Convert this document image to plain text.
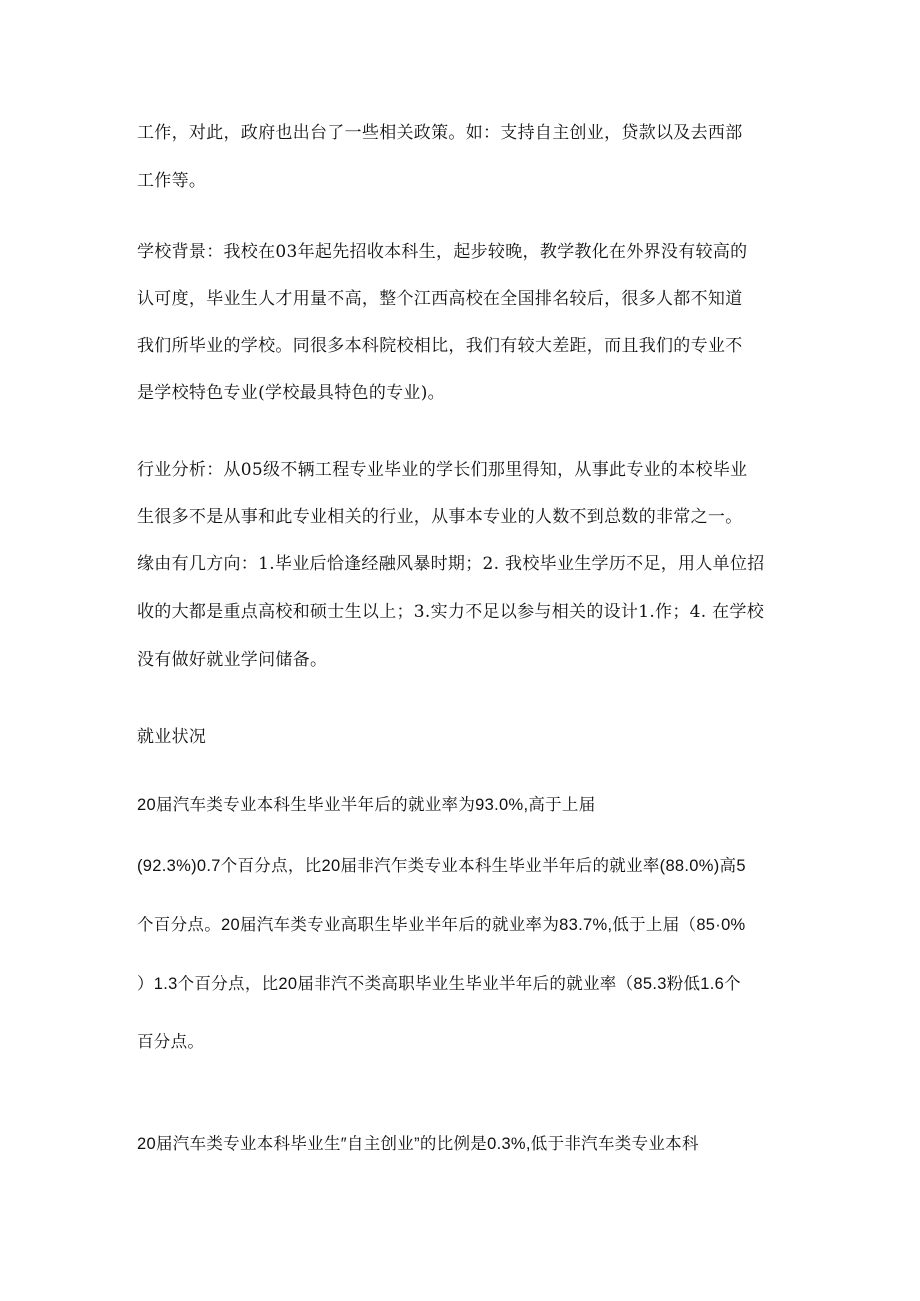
工作，对此，政府也出台了一些相关政策。如：支持自主创业，贷款以及去西部
工作等。
学校背景：我校在03年起先招收本科生，起步较晚，教学教化在外界没有较高的
认可度，毕业生人才用量不高，整个江西高校在全国排名较后，很多人都不知道
我们所毕业的学校。同很多本科院校相比，我们有较大差距，而且我们的专业不
是学校特色专业(学校最具特色的专业)。
行业分析：从05级不辆工程专业毕业的学长们那里得知，从事此专业的本校毕业
生很多不是从事和此专业相关的行业，从事本专业的人数不到总数的非常之一。
缘由有几方向：1.毕业后恰逢经融风暴时期；2. 我校毕业生学历不足，用人单位招
收的大都是重点高校和硕士生以上；3.实力不足以参与相关的设计1.作；4. 在学校
没有做好就业学问储备。
就业状况
20届汽车类专业本科生毕业半年后的就业率为93.0%,高于上届
(92.3%)0.7个百分点，比20届非汽乍类专业本科生毕业半年后的就业率(88.0%)高5
个百分点。20届汽车类专业高职生毕业半年后的就业率为83.7%,低于上届（85·0%
）1.3个百分点，比20届非汽不类高职毕业生毕业半年后的就业率（85.3粉低1.6个
百分点。
20届汽车类专业本科毕业生″自主创业”的比例是0.3%,低于非汽车类专业本科
